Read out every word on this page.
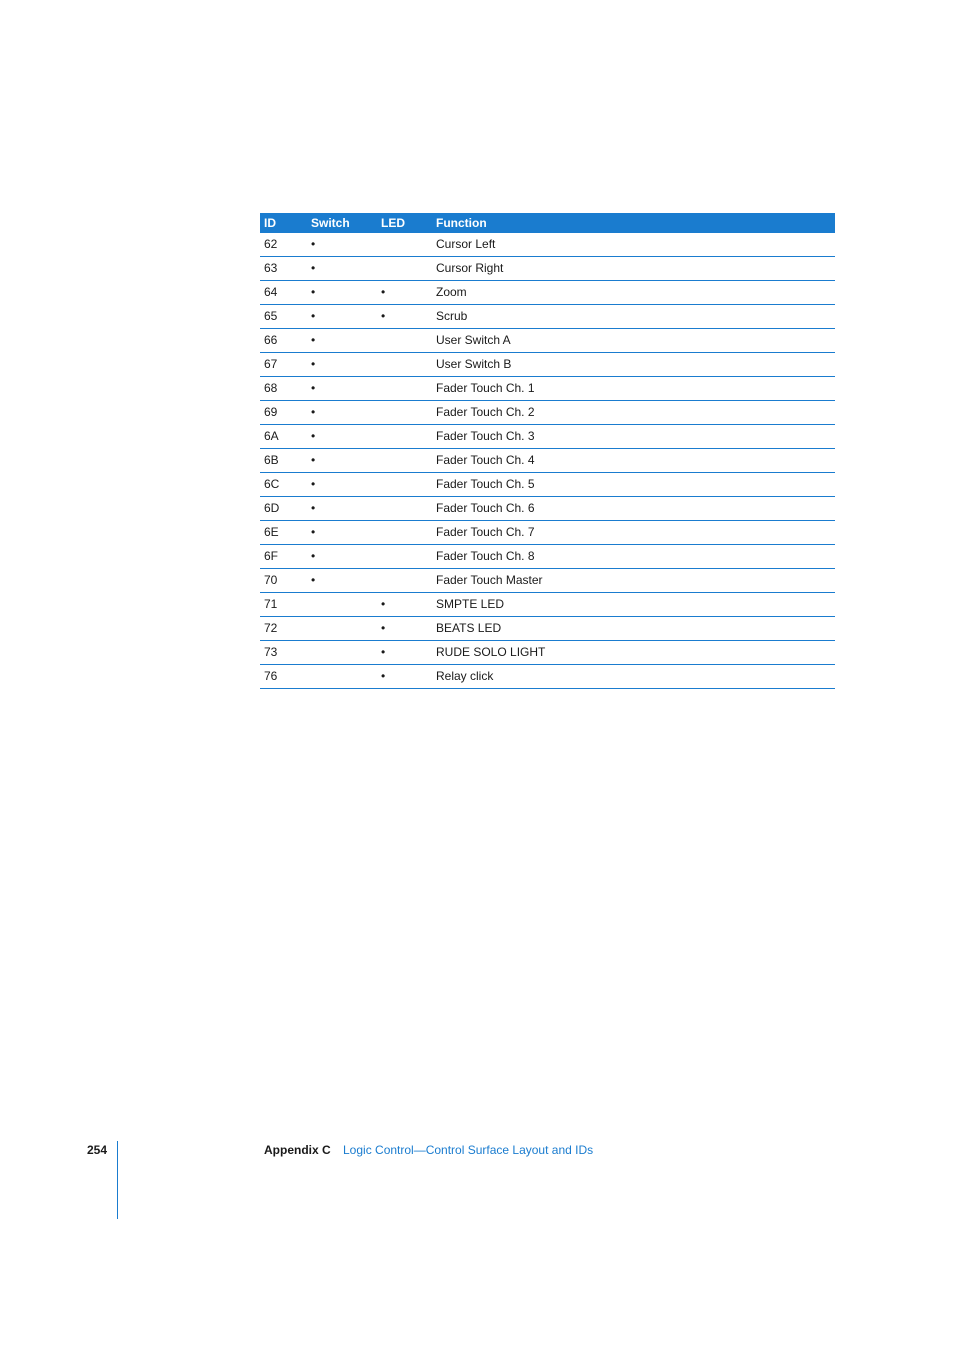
ID	Switch	LED	Function
62	•		Cursor Left
63	•		Cursor Right
64	•	•	Zoom
65	•	•	Scrub
66	•		User Switch A
67	•		User Switch B
68	•		Fader Touch Ch. 1
69	•		Fader Touch Ch. 2
6A	•		Fader Touch Ch. 3
6B	•		Fader Touch Ch. 4
6C	•		Fader Touch Ch. 5
6D	•		Fader Touch Ch. 6
6E	•		Fader Touch Ch. 7
6F	•		Fader Touch Ch. 8
70	•		Fader Touch Master
71		•	SMPTE LED
72		•	BEATS LED
73		•	RUDE SOLO LIGHT
76		•	Relay click
254	Appendix C Logic Control—Control Surface Layout and IDs
